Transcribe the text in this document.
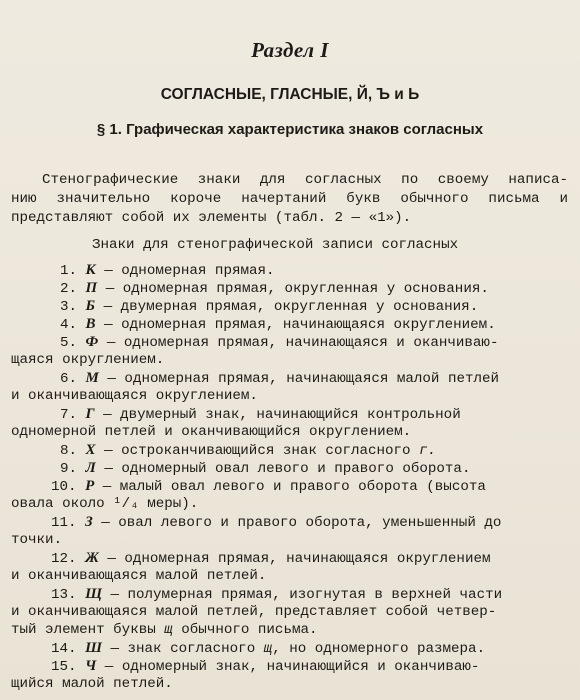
Раздел I
СОГЛАСНЫЕ, ГЛАСНЫЕ, Й, Ъ и Ь
§ 1. Графическая характеристика знаков согласных
Стенографические знаки для согласных по своему написа-
нию значительно короче начертаний букв обычного письма и
представляют собой их элементы (табл. 2 — «1»).
Знаки для стенографической записи согласных
1. К — одномерная прямая.
2. П — одномерная прямая, округленная у основания.
3. Б — двумерная прямая, округленная у основания.
4. В — одномерная прямая, начинающаяся округлением.
5. Ф — одномерная прямая, начинающаяся и оканчиваю-
щаяся округлением.
6. М — одномерная прямая, начинающаяся малой петлей
и оканчивающаяся округлением.
7. Г — двумерный знак, начинающийся контрольной
одномерной петлей и оканчивающийся округлением.
8. Х — остроканчивающийся знак согласного г.
9. Л — одномерный овал левого и правого оборота.
10. Р — малый овал левого и правого оборота (высота
овала около ¹/₄ меры).
11. З — овал левого и правого оборота, уменьшенный до
точки.
12. Ж — одномерная прямая, начинающаяся округлением
и оканчивающаяся малой петлей.
13. Щ — полумерная прямая, изогнутая в верхней части
и оканчивающаяся малой петлей, представляет собой четвер-
тый элемент буквы щ обычного письма.
14. Ш — знак согласного щ, но одномерного размера.
15. Ч — одномерный знак, начинающийся и оканчиваю-
щийся малой петлей.
